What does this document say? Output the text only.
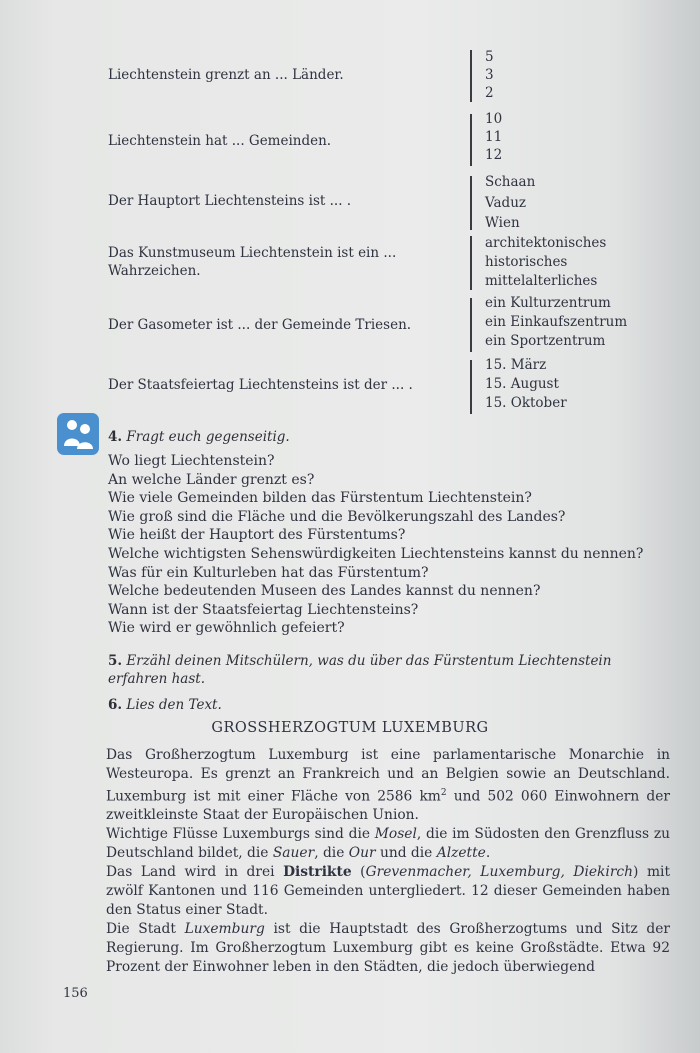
Liechtenstein grenzt an ... Länder.
5
3
2
Liechtenstein hat ... Gemeinden.
10
11
12
Der Hauptort Liechtensteins ist ... .
Schaan
Vaduz
Wien
Das Kunstmuseum Liechtenstein ist ein ... Wahrzeichen.
architektonisches
historisches
mittelalterliches
Der Gasometer ist ... der Gemeinde Triesen.
ein Kulturzentrum
ein Einkaufszentrum
ein Sportzentrum
Der Staatsfeiertag Liechtensteins ist der ... .
15. März
15. August
15. Oktober
4. Fragt euch gegenseitig.
Wo liegt Liechtenstein?
An welche Länder grenzt es?
Wie viele Gemeinden bilden das Fürstentum Liechtenstein?
Wie groß sind die Fläche und die Bevölkerungszahl des Landes?
Wie heißt der Hauptort des Fürstentums?
Welche wichtigsten Sehenswürdigkeiten Liechtensteins kannst du nennen?
Was für ein Kulturleben hat das Fürstentum?
Welche bedeutenden Museen des Landes kannst du nennen?
Wann ist der Staatsfeiertag Liechtensteins?
Wie wird er gewöhnlich gefeiert?
5. Erzähl deinen Mitschülern, was du über das Fürstentum Liechtenstein erfahren hast.
6. Lies den Text.
GROSSHERZOGTUM LUXEMBURG

Das Großherzogtum Luxemburg ist eine parlamentarische Monarchie in Westeuropa. Es grenzt an Frankreich und an Belgien sowie an Deutschland. Luxemburg ist mit einer Fläche von 2586 $km^2$ und 502 060 Einwohnern der zweitkleinste Staat der Europäischen Union.

Wichtige Flüsse Luxemburgs sind die Mosel, die im Südosten den Grenzfluss zu Deutschland bildet, die Sauer, die Our und die Alzette.

Das Land wird in drei Distrikte (Grevenmacher, Luxemburg, Diekirch) mit zwölf Kantonen und 116 Gemeinden untergliedert. 12 dieser Gemeinden haben den Status einer Stadt.

Die Stadt Luxemburg ist die Hauptstadt des Großherzogtums und Sitz der Regierung. Im Großherzogtum Luxemburg gibt es keine Großstädte. Etwa 92 Prozent der Einwohner leben in den Städten, die jedoch überwiegend

156
